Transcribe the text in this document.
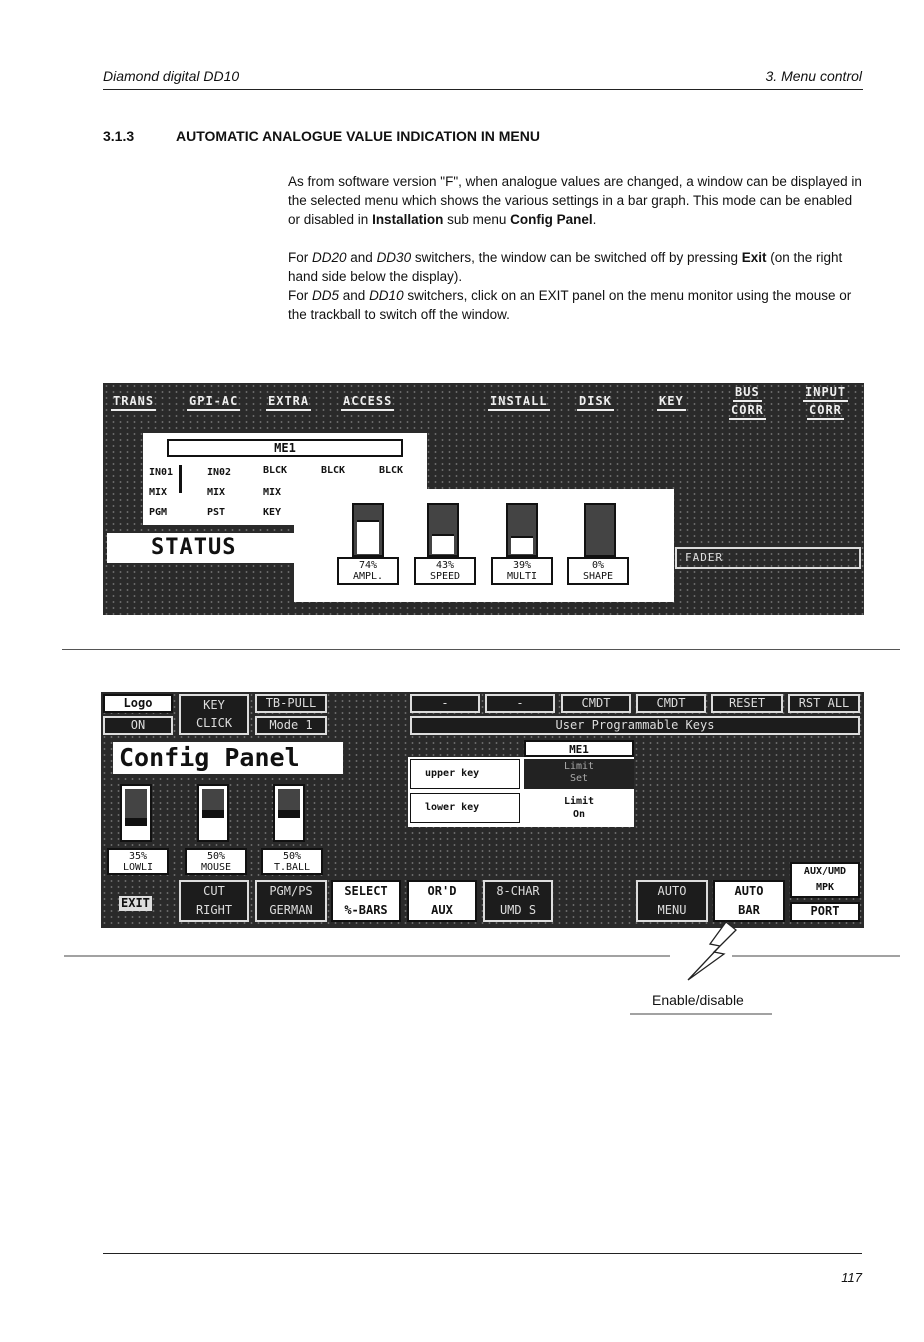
Diamond digital DD10	3. Menu control
3.1.3	AUTOMATIC ANALOGUE VALUE INDICATION IN MENU

As from software version "F", when analogue values are changed, a window can be displayed in the selected menu which shows the various settings in a bar graph. This mode can be enabled or disabled in Installation sub menu Config Panel.

For DD20 and DD30 switchers, the window can be switched off by pressing Exit (on the right hand side below the display).

For DD5 and DD10 switchers, click on an EXIT panel on the menu monitor using the mouse or the trackball to switch off the window.

TRANS	GPI-AC EXTRA	ACCESS	INSTALL	DISK	KEY
BUS
CORR
INPUT
CORR
ME1
IN01	IN02	BLCK	BLCK	BLCK
MIX	MIX	MIX
PGM	PST	KEY
STATUS	FADER
74%
AMPL.
43%
SPEED
39%
MULTI
0%
SHAPE
Logo
ON
KEY
CLICK
TB-PULL
Mode 1
Config Panel
-	-	CMDT	CMDT	RESET	RST ALL
User Programmable Keys
ME1
upper key
Limit
Set
lower key
Limit
On
35%
LOWLI
50%
MOUSE
50%
T.BALL
EXIT
CUT
RIGHT
PGM/PS
GERMAN
SELECT
%-BARS
OR'D
AUX
8-CHAR
UMD S
AUTO
MENU
AUTO
BAR
AUX/UMD
MPK
PORT
Enable/disable
117
